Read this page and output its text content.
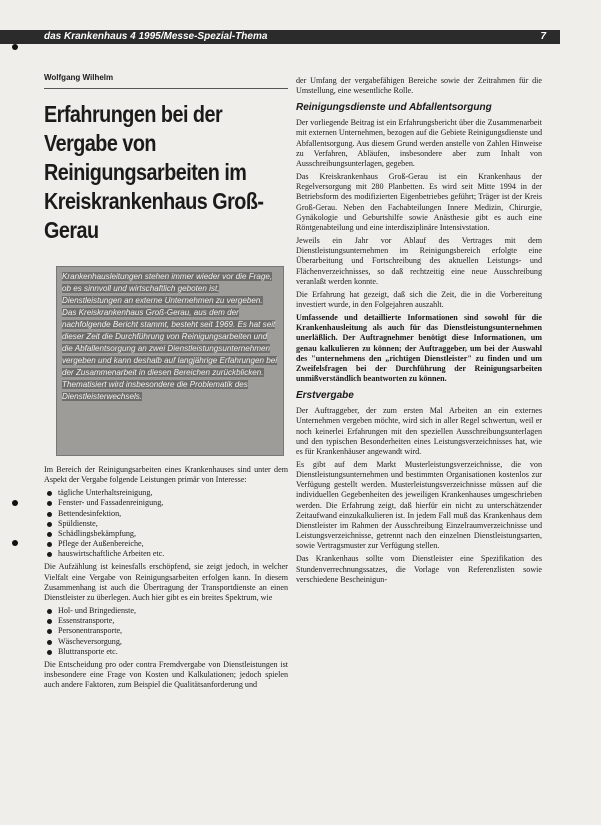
das Krankenhaus 4 1995/Messe-Spezial-Thema	7
Wolfgang Wilhelm
Erfahrungen bei der Vergabe von Reinigungsarbeiten im Kreiskrankenhaus Groß-Gerau
Krankenhausleitungen stehen immer wieder vor die Frage, ob es sinnvoll und wirtschaftlich geboten ist, Dienstleistungen an externe Unternehmen zu vergeben. Das Kreiskrankenhaus Groß-Gerau, aus dem der nachfolgende Bericht stammt, besteht seit 1969. Es hat seit dieser Zeit die Durchführung von Reinigungsarbeiten und die Abfallentsorgung an zwei Dienstleistungsunternehmen vergeben und kann deshalb auf langjährige Erfahrungen bei der Zusammenarbeit in diesen Bereichen zurückblicken. Thematisiert wird insbesondere die Problematik des Dienstleisterwechsels.

Im Bereich der Reinigungsarbeiten eines Krankenhauses sind unter dem Aspekt der Vergabe folgende Leistungen primär von Interesse:

tägliche Unterhaltsreinigung,
Fenster- und Fassadenreinigung,
Bettendesinfektion,
Spüldienste,
Schädlingsbekämpfung,
Pflege der Außenbereiche,
hauswirtschaftliche Arbeiten etc.

Die Aufzählung ist keinesfalls erschöpfend, sie zeigt jedoch, in welcher Vielfalt eine Vergabe von Reinigungsarbeiten erfolgen kann. In diesem Zusammenhang ist auch die Übertragung der Transportdienste an einen Dienstleister zu überlegen. Auch hier gibt es ein breites Spektrum, wie

Hol- und Bringedienste,
Essenstransporte,
Personentransporte,
Wäscheversorgung,
Bluttransporte etc.

Die Entscheidung pro oder contra Fremdvergabe von Dienstleistungen ist insbesondere eine Frage von Kosten und Kalkulationen; jedoch spielen auch andere Faktoren, zum Beispiel die Qualitätsanforderung und

der Umfang der vergabefähigen Bereiche sowie der Zeitrahmen für die Umstellung, eine wesentliche Rolle.

Reinigungsdienste und Abfallentsorgung

Der vorliegende Beitrag ist ein Erfahrungsbericht über die Zusammenarbeit mit externen Unternehmen, bezogen auf die Gebiete Reinigungsdienste und Abfallentsorgung. Aus diesem Grund werden anstelle von Zahlen Hinweise zu Verfahren, Abläufen, insbesondere aber zum Inhalt von Ausschreibungsunterlagen, gegeben.

Das Kreiskrankenhaus Groß-Gerau ist ein Krankenhaus der Regelversorgung mit 280 Planbetten. Es wird seit Mitte 1994 in der Betriebsform des modifizierten Eigenbetriebes geführt; Träger ist der Kreis Groß-Gerau. Neben den Fachabteilungen Innere Medizin, Chirurgie, Gynäkologie und Geburtshilfe sowie Anästhesie gibt es auch eine Röntgenabteilung und eine interdisziplinäre Intensivstation.

Jeweils ein Jahr vor Ablauf des Vertrages mit dem Dienstleistungsunternehmen im Reinigungsbereich erfolgte eine Überarbeitung und Fortschreibung des aktuellen Leistungs- und Flächenverzeichnisses, so daß rechtzeitig eine neue Ausschreibung veranlaßt werden konnte.

Die Erfahrung hat gezeigt, daß sich die Zeit, die in die Vorbereitung investiert wurde, in den Folgejahren auszahlt.

Umfassende und detaillierte Informationen sind sowohl für die Krankenhausleitung als auch für das Dienstleistungsunternehmen unerläßlich. Der Auftragnehmer benötigt diese Informationen, um genau kalkulieren zu können; der Auftraggeber, um bei der Auswahl des "unternehmens den „richtigen Dienstleister" zu finden und um Zweifelsfragen bei der Durchführung der Reinigungsarbeiten unmißverständlich beantworten zu können.

Erstvergabe

Der Auftraggeber, der zum ersten Mal Arbeiten an ein externes Unternehmen vergeben möchte, wird sich in aller Regel schwertun, weil er noch keinerlei Erfahrungen mit den speziellen Ausschreibungsunterlagen und den typischen Besonderheiten eines Leistungsverzeichnisses hat, wie es für Krankenhäuser angewandt wird.

Es gibt auf dem Markt Musterleistungsverzeichnisse, die von Dienstleistungsunternehmen und bestimmten Organisationen kostenlos zur Verfügung gestellt werden. Musterleistungsverzeichnisse müssen auf die individuellen Gegebenheiten des jeweiligen Krankenhauses umgeschrieben werden. Die Erfahrung zeigt, daß hierfür ein nicht zu unterschätzender Zeitaufwand einzukalkulieren ist. In jedem Fall muß das Krankenhaus dem Dienstleister im Rahmen der Ausschreibung Einzelraumverzeichnisse und Leistungsverzeichnisse, getrennt nach den einzelnen Dienstleistungsarten, sowie Vertragsmuster zur Verfügung stellen.

Das Krankenhaus sollte vom Dienstleister eine Spezifikation des Stundenverrechnungssatzes, die Vorlage von Referenzlisten sowie verschiedene Bescheinigun-
